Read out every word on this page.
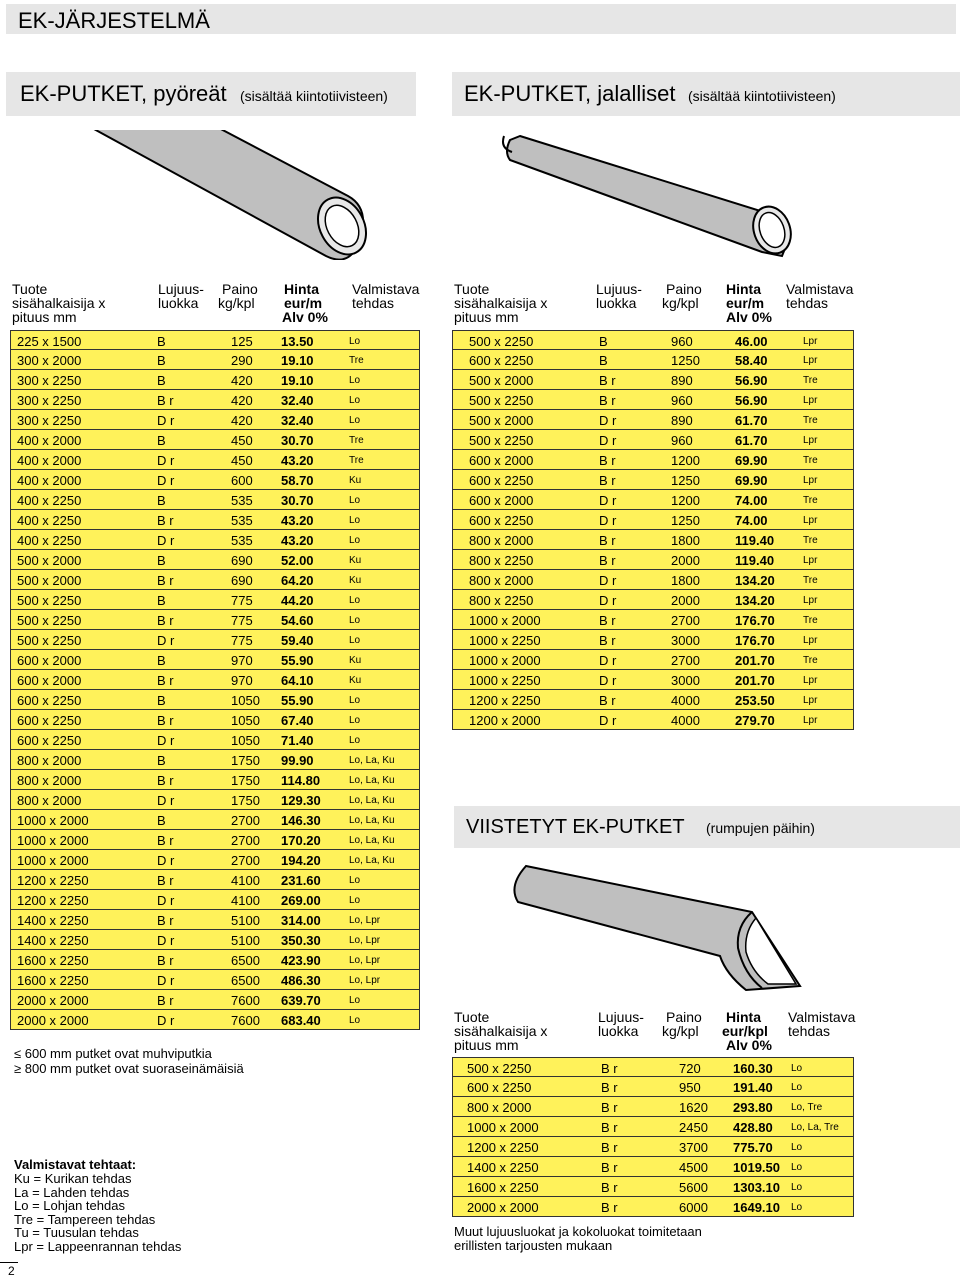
EK-JÄRJESTELMÄ
EK-PUTKET, pyöreät (sisältää kiintotiivisteen)	EK-PUTKET, jalalliset (sisältää kiintotiivisteen)
Tuote
sisähalkaisija x
pituus mm
Lujuus-
luokka
Paino
kg/kpl
Hinta
eur/m
Alv 0%
Valmistava
tehdas
Tuote
sisähalkaisija x
pituus mm
Lujuus-
luokka
Paino
kg/kpl
Hinta
eur/m
Alv 0%
Valmistava
tehdas
225 x 1500	B	125 13.50	Lo
300 x 2000	B	290 19.10	Tre
300 x 2250	B	420 19.10	Lo
300 x 2250	B r	420 32.40	Lo
300 x 2250	D r	420 32.40	Lo
400 x 2000	B	450 30.70	Tre
400 x 2000	D r	450 43.20	Tre
400 x 2000	D r	600 58.70	Ku
400 x 2250	B	535 30.70	Lo
400 x 2250	B r	535 43.20	Lo
400 x 2250	D r	535 43.20	Lo
500 x 2000	B	690 52.00	Ku
500 x 2000	B r	690 64.20	Ku
500 x 2250	B	775 44.20	Lo
500 x 2250	B r	775 54.60	Lo
500 x 2250	D r	775 59.40	Lo
600 x 2000	B	970 55.90	Ku
600 x 2000	B r	970 64.10	Ku
600 x 2250	B	1050 55.90	Lo
600 x 2250	B r	1050 67.40	Lo
600 x 2250	D r	1050 71.40	Lo
800 x 2000	B	1750 99.90	Lo, La, Ku
800 x 2000	B r	1750 114.80	Lo, La, Ku
800 x 2000	D r	1750 129.30	Lo, La, Ku
1000 x 2000	B	2700 146.30	Lo, La, Ku
1000 x 2000	B r	2700 170.20	Lo, La, Ku
1000 x 2000	D r	2700 194.20	Lo, La, Ku
1200 x 2250	B r	4100 231.60	Lo
1200 x 2250	D r	4100 269.00	Lo
1400 x 2250	B r	5100 314.00	Lo, Lpr
1400 x 2250	D r	5100 350.30	Lo, Lpr
1600 x 2250	B r	6500 423.90	Lo, Lpr
1600 x 2250	D r	6500 486.30	Lo, Lpr
2000 x 2000	B r	7600 639.70	Lo
2000 x 2000	D r	7600 683.40	Lo
500 x 2250	B	960	46.00	Lpr
600 x 2250	B	1250	58.40	Lpr
500 x 2000	B r	890	56.90	Tre
500 x 2250	B r	960	56.90	Lpr
500 x 2000	D r	890	61.70	Tre
500 x 2250	D r	960	61.70	Lpr
600 x 2000	B r	1200	69.90	Tre
600 x 2250	B r	1250	69.90	Lpr
600 x 2000	D r	1200	74.00	Tre
600 x 2250	D r	1250	74.00	Lpr
800 x 2000	B r	1800	119.40	Tre
800 x 2250	B r	2000	119.40	Lpr
800 x 2000	D r	1800	134.20	Tre
800 x 2250	D r	2000	134.20	Lpr
1000 x 2000	B r	2700	176.70	Tre
1000 x 2250	B r	3000	176.70	Lpr
1000 x 2000	D r	2700	201.70	Tre
1000 x 2250	D r	3000	201.70	Lpr
1200 x 2250	B r	4000	253.50	Lpr
1200 x 2000	D r	4000	279.70	Lpr
≤ 600 mm putket ovat muhviputkia
≥ 800 mm putket ovat suoraseinämäisiä
Valmistavat tehtaat:
Ku = Kurikan tehdas
La = Lahden tehdas
Lo = Lohjan tehdas
Tre = Tampereen tehdas
Tu = Tuusulan tehdas
Lpr = Lappeenrannan tehdas
VIISTETYT EK-PUTKET (rumpujen päihin)
Tuote
sisähalkaisija x
pituus mm
Lujuus-
luokka
Paino
kg/kpl
Hinta
eur/kpl
Alv 0%
Valmistava
tehdas
500 x 2250	B r	720 160.30 Lo
600 x 2250	B r	950 191.40 Lo
800 x 2000	B r	1620 293.80 Lo, Tre
1000 x 2000	B r	2450 428.80 Lo, La, Tre
1200 x 2250	B r	3700 775.70 Lo
1400 x 2250	B r	4500 1019.50 Lo
1600 x 2250	B r	5600 1303.10 Lo
2000 x 2000	B r	6000 1649.10 Lo
Muut lujuusluokat ja kokoluokat toimitetaan
erillisten tarjousten mukaan
2
